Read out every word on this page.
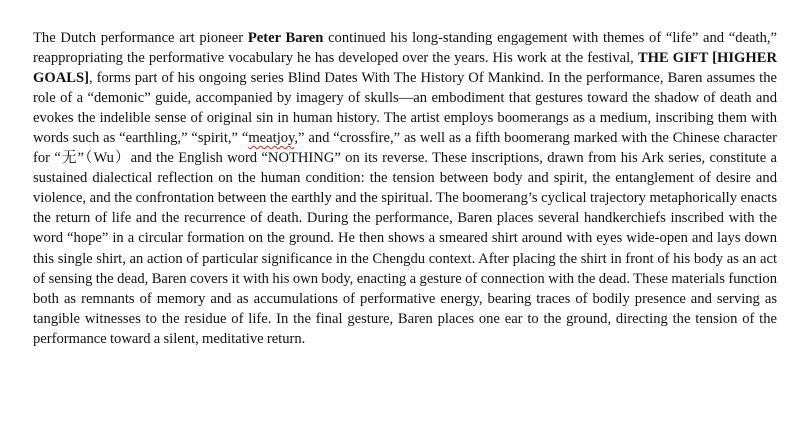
The Dutch performance art pioneer Peter Baren continued his long-standing engagement with themes of “life” and “death,” reappropriating the performative vocabulary he has developed over the years. His work at the festival, THE GIFT [HIGHER GOALS], forms part of his ongoing series Blind Dates With The History Of Mankind. In the performance, Baren assumes the role of a “demonic” guide, accompanied by imagery of skulls—an embodiment that gestures toward the shadow of death and evokes the indelible sense of original sin in human history. The artist employs boomerangs as a medium, inscribing them with words such as “earthling,” “spirit,” “meatjoy,” and “crossfire,” as well as a fifth boomerang marked with the Chinese character for “无”（Wu）and the English word “NOTHING” on its reverse. These inscriptions, drawn from his Ark series, constitute a sustained dialectical reflection on the human condition: the tension between body and spirit, the entanglement of desire and violence, and the confrontation between the earthly and the spiritual. The boomerang’s cyclical trajectory metaphorically enacts the return of life and the recurrence of death. During the performance, Baren places several handkerchiefs inscribed with the word “hope” in a circular formation on the ground. He then shows a smeared shirt around with eyes wide-open and lays down this single shirt, an action of particular significance in the Chengdu context. After placing the shirt in front of his body as an act of sensing the dead, Baren covers it with his own body, enacting a gesture of connection with the dead. These materials function both as remnants of memory and as accumulations of performative energy, bearing traces of bodily presence and serving as tangible witnesses to the residue of life. In the final gesture, Baren places one ear to the ground, directing the tension of the performance toward a silent, meditative return.
